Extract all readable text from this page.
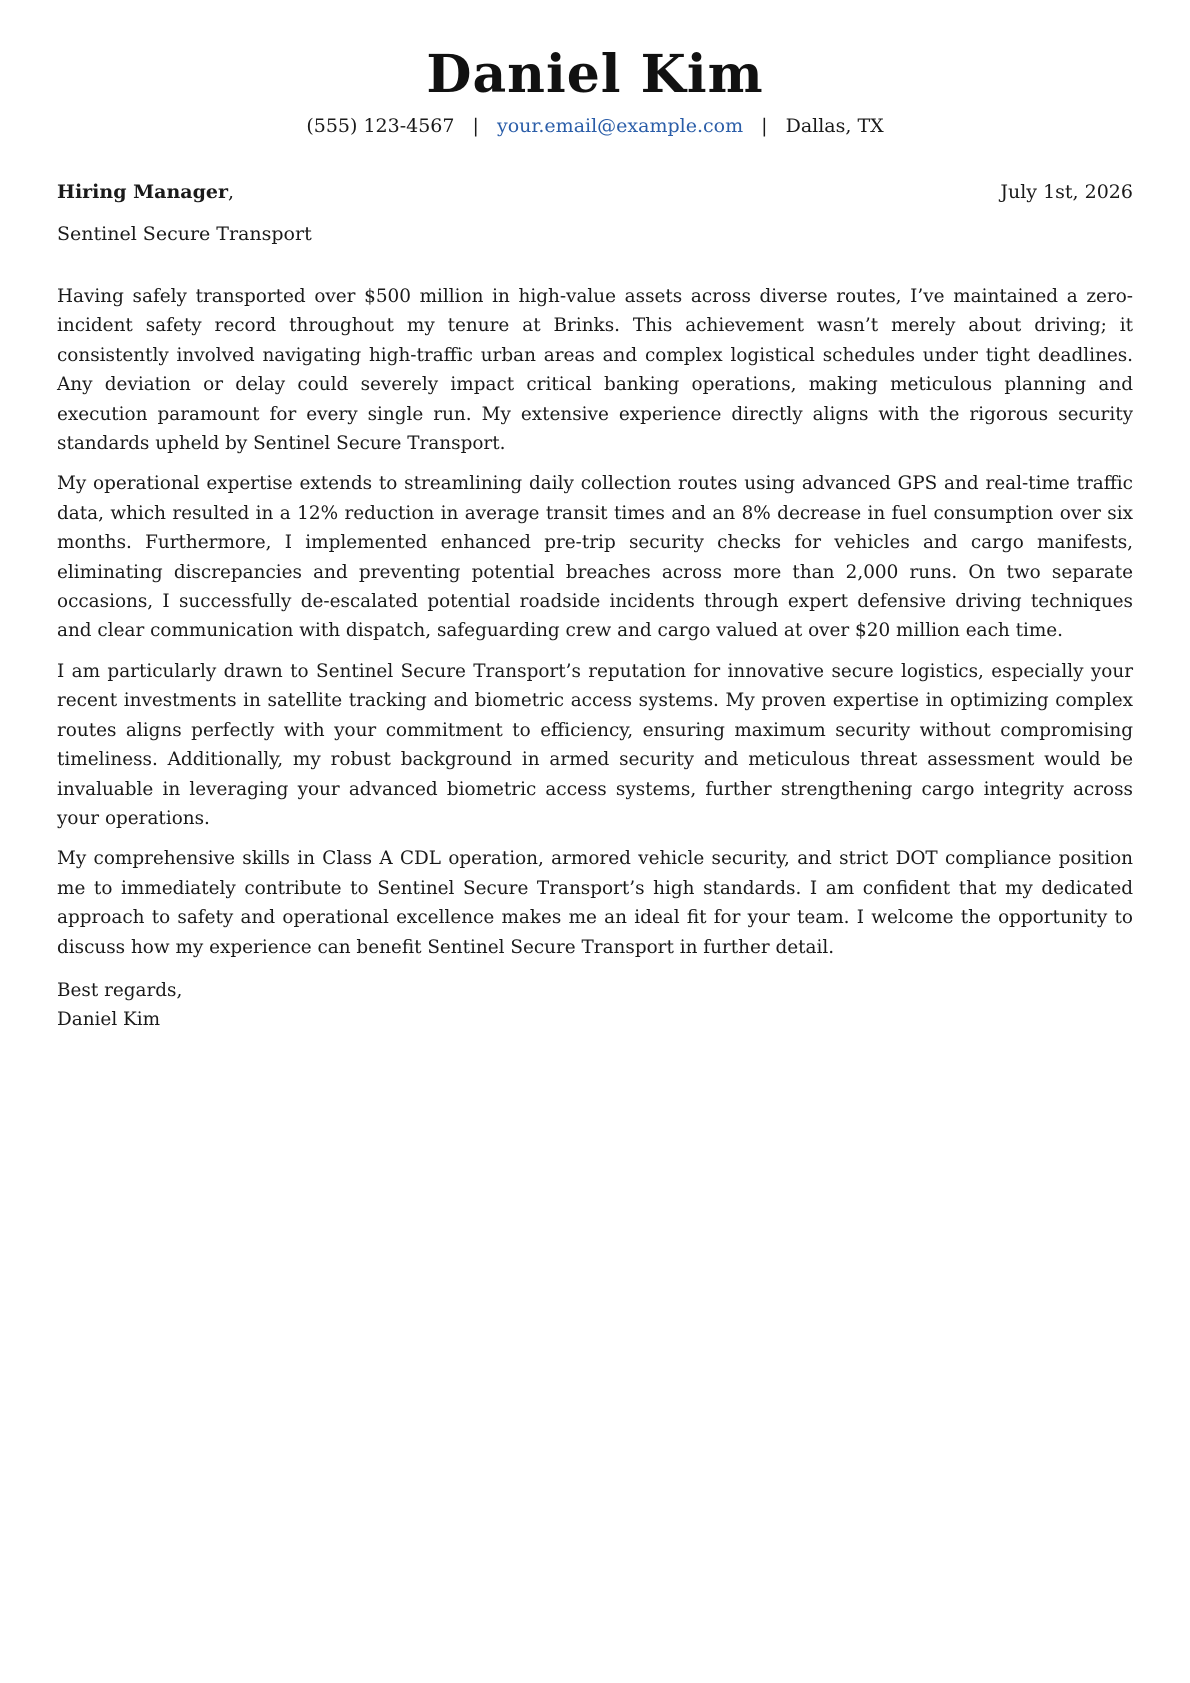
Daniel Kim
(555) 123-4567 | your.email@example.com | Dallas, TX
Hiring Manager,	July 1st, 2026
Sentinel Secure Transport

Having safely transported over $500 million in high-value assets across diverse routes, I’ve maintained a zero-incident safety record throughout my tenure at Brinks. This achievement wasn’t merely about driving; it consistently involved navigating high-traffic urban areas and complex logistical schedules under tight deadlines. Any deviation or delay could severely impact critical banking operations, making meticulous planning and execution paramount for every single run. My extensive experience directly aligns with the rigorous security standards upheld by Sentinel Secure Transport.

My operational expertise extends to streamlining daily collection routes using advanced GPS and real-time traffic data, which resulted in a 12% reduction in average transit times and an 8% decrease in fuel consumption over six months. Furthermore, I implemented enhanced pre-trip security checks for vehicles and cargo manifests, eliminating discrepancies and preventing potential breaches across more than 2,000 runs. On two separate occasions, I successfully de-escalated potential roadside incidents through expert defensive driving techniques and clear communication with dispatch, safeguarding crew and cargo valued at over $20 million each time.

I am particularly drawn to Sentinel Secure Transport’s reputation for innovative secure logistics, especially your recent investments in satellite tracking and biometric access systems. My proven expertise in optimizing complex routes aligns perfectly with your commitment to efficiency, ensuring maximum security without compromising timeliness. Additionally, my robust background in armed security and meticulous threat assessment would be invaluable in leveraging your advanced biometric access systems, further strengthening cargo integrity across your operations.

My comprehensive skills in Class A CDL operation, armored vehicle security, and strict DOT compliance position me to immediately contribute to Sentinel Secure Transport’s high standards. I am confident that my dedicated approach to safety and operational excellence makes me an ideal fit for your team. I welcome the opportunity to discuss how my experience can benefit Sentinel Secure Transport in further detail.

Best regards,
Daniel Kim
